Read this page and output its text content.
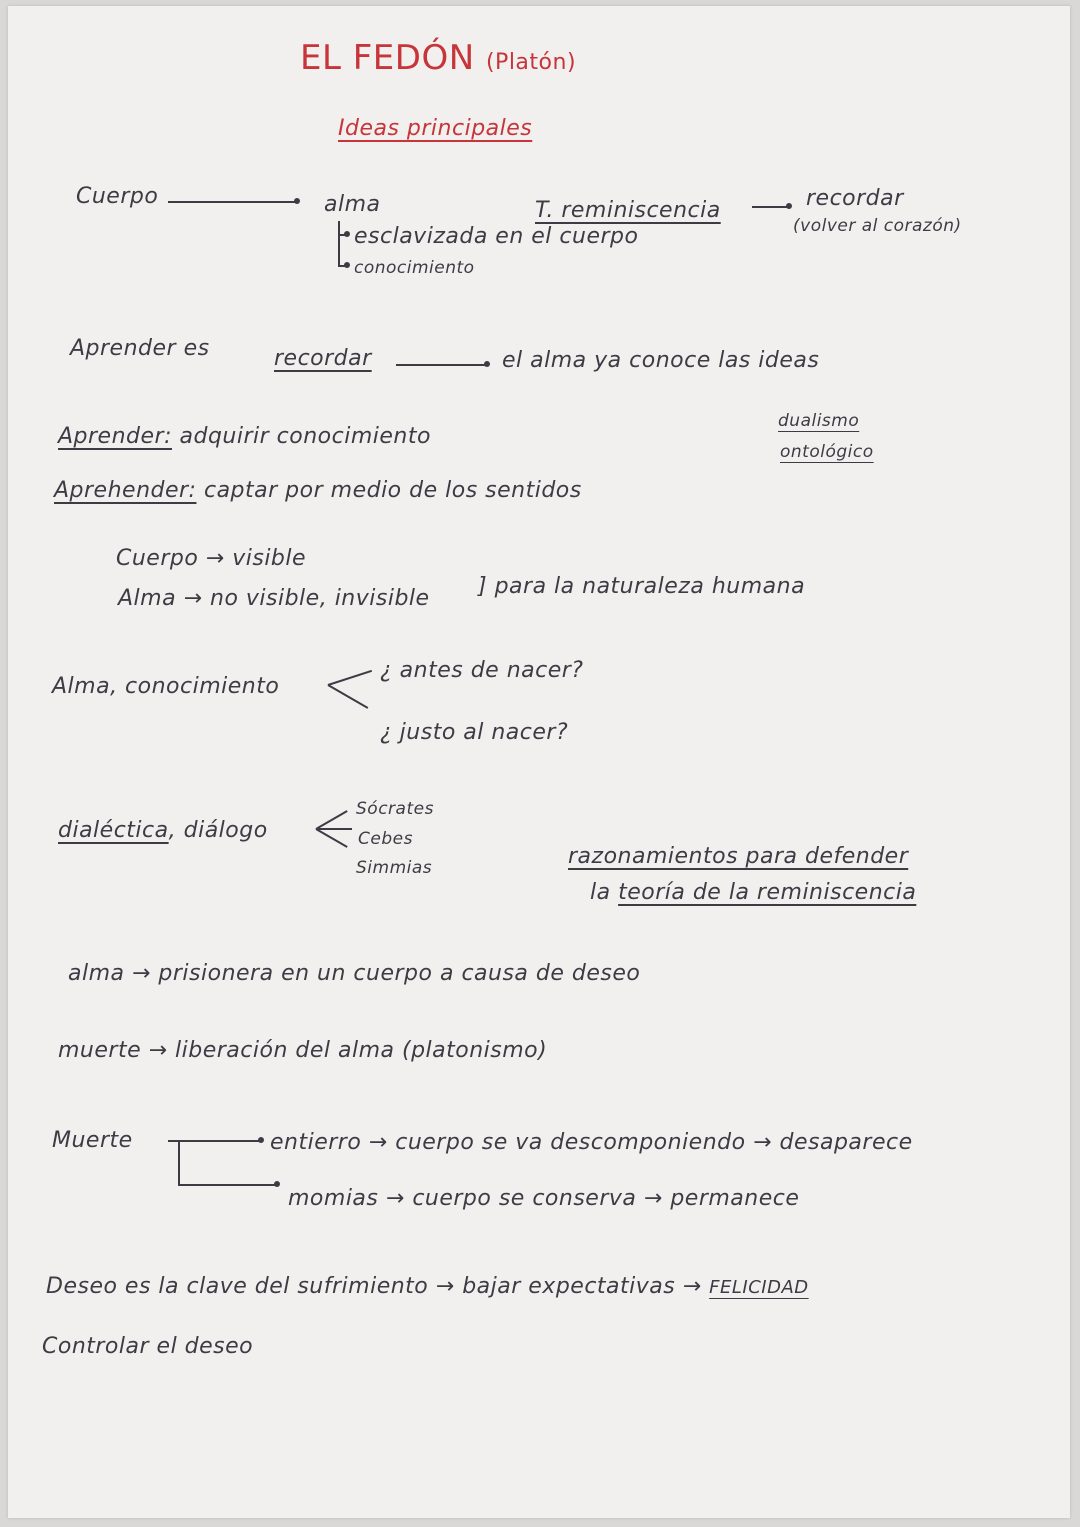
EL FEDÓN (Platón)
Ideas principales
Cuerpo	alma
esclavizada en el cuerpo
conocimiento
T. reminiscencia	recordar
(volver al corazón)
Aprender es	recordar	el alma ya conoce las ideas
Aprender: adquirir conocimiento
dualismo
ontológico
Aprehender: captar por medio de los sentidos
Cuerpo → visible
Alma → no visible, invisible ] para la naturaleza humana
Alma, conocimiento
¿ antes de nacer?
¿ justo al nacer?
dialéctica, diálogo
Sócrates
Cebes
Simmias	razonamientos para defender
la teoría de la reminiscencia
alma → prisionera en un cuerpo a causa de deseo
muerte → liberación del alma (platonismo)
Muerte	entierro → cuerpo se va descomponiendo → desaparece
momias → cuerpo se conserva → permanece
Deseo es la clave del sufrimiento → bajar expectativas → FELICIDAD
Controlar el deseo
